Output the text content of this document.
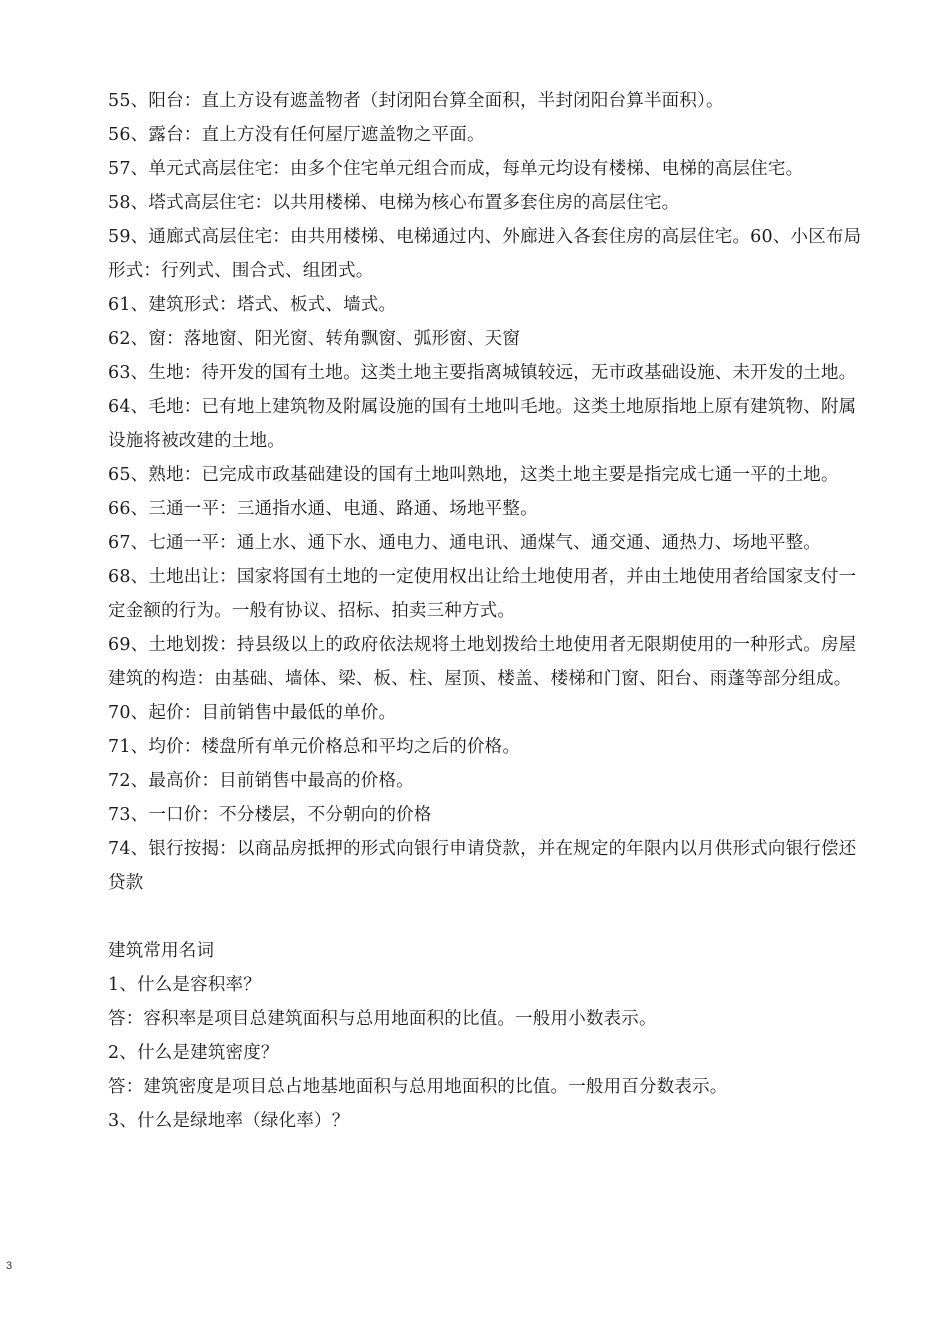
55、阳台：直上方设有遮盖物者（封闭阳台算全面积，半封闭阳台算半面积）。

56、露台：直上方没有任何屋厅遮盖物之平面。

57、单元式高层住宅：由多个住宅单元组合而成，每单元均设有楼梯、电梯的高层住宅。

58、塔式高层住宅：以共用楼梯、电梯为核心布置多套住房的高层住宅。

59、通廊式高层住宅：由共用楼梯、电梯通过内、外廊进入各套住房的高层住宅。60、小区布局形式：行列式、围合式、组团式。

61、建筑形式：塔式、板式、墙式。

62、窗：落地窗、阳光窗、转角飘窗、弧形窗、天窗

63、生地：待开发的国有土地。这类土地主要指离城镇较远，无市政基础设施、未开发的土地。

64、毛地：已有地上建筑物及附属设施的国有土地叫毛地。这类土地原指地上原有建筑物、附属设施将被改建的土地。

65、熟地：已完成市政基础建设的国有土地叫熟地，这类土地主要是指完成七通一平的土地。

66、三通一平：三通指水通、电通、路通、场地平整。

67、七通一平：通上水、通下水、通电力、通电讯、通煤气、通交通、通热力、场地平整。

68、土地出让：国家将国有土地的一定使用权出让给土地使用者，并由土地使用者给国家支付一定金额的行为。一般有协议、招标、拍卖三种方式。

69、土地划拨：持县级以上的政府依法规将土地划拨给土地使用者无限期使用的一种形式。房屋建筑的构造：由基础、墙体、梁、板、柱、屋顶、楼盖、楼梯和门窗、阳台、雨蓬等部分组成。

70、起价：目前销售中最低的单价。

71、均价：楼盘所有单元价格总和平均之后的价格。

72、最高价：目前销售中最高的价格。

73、一口价：不分楼层，不分朝向的价格

74、银行按揭：以商品房抵押的形式向银行申请贷款，并在规定的年限内以月供形式向银行偿还贷款

建筑常用名词

1、什么是容积率？

答：容积率是项目总建筑面积与总用地面积的比值。一般用小数表示。

2、什么是建筑密度？

答：建筑密度是项目总占地基地面积与总用地面积的比值。一般用百分数表示。

3、什么是绿地率（绿化率）？

3
